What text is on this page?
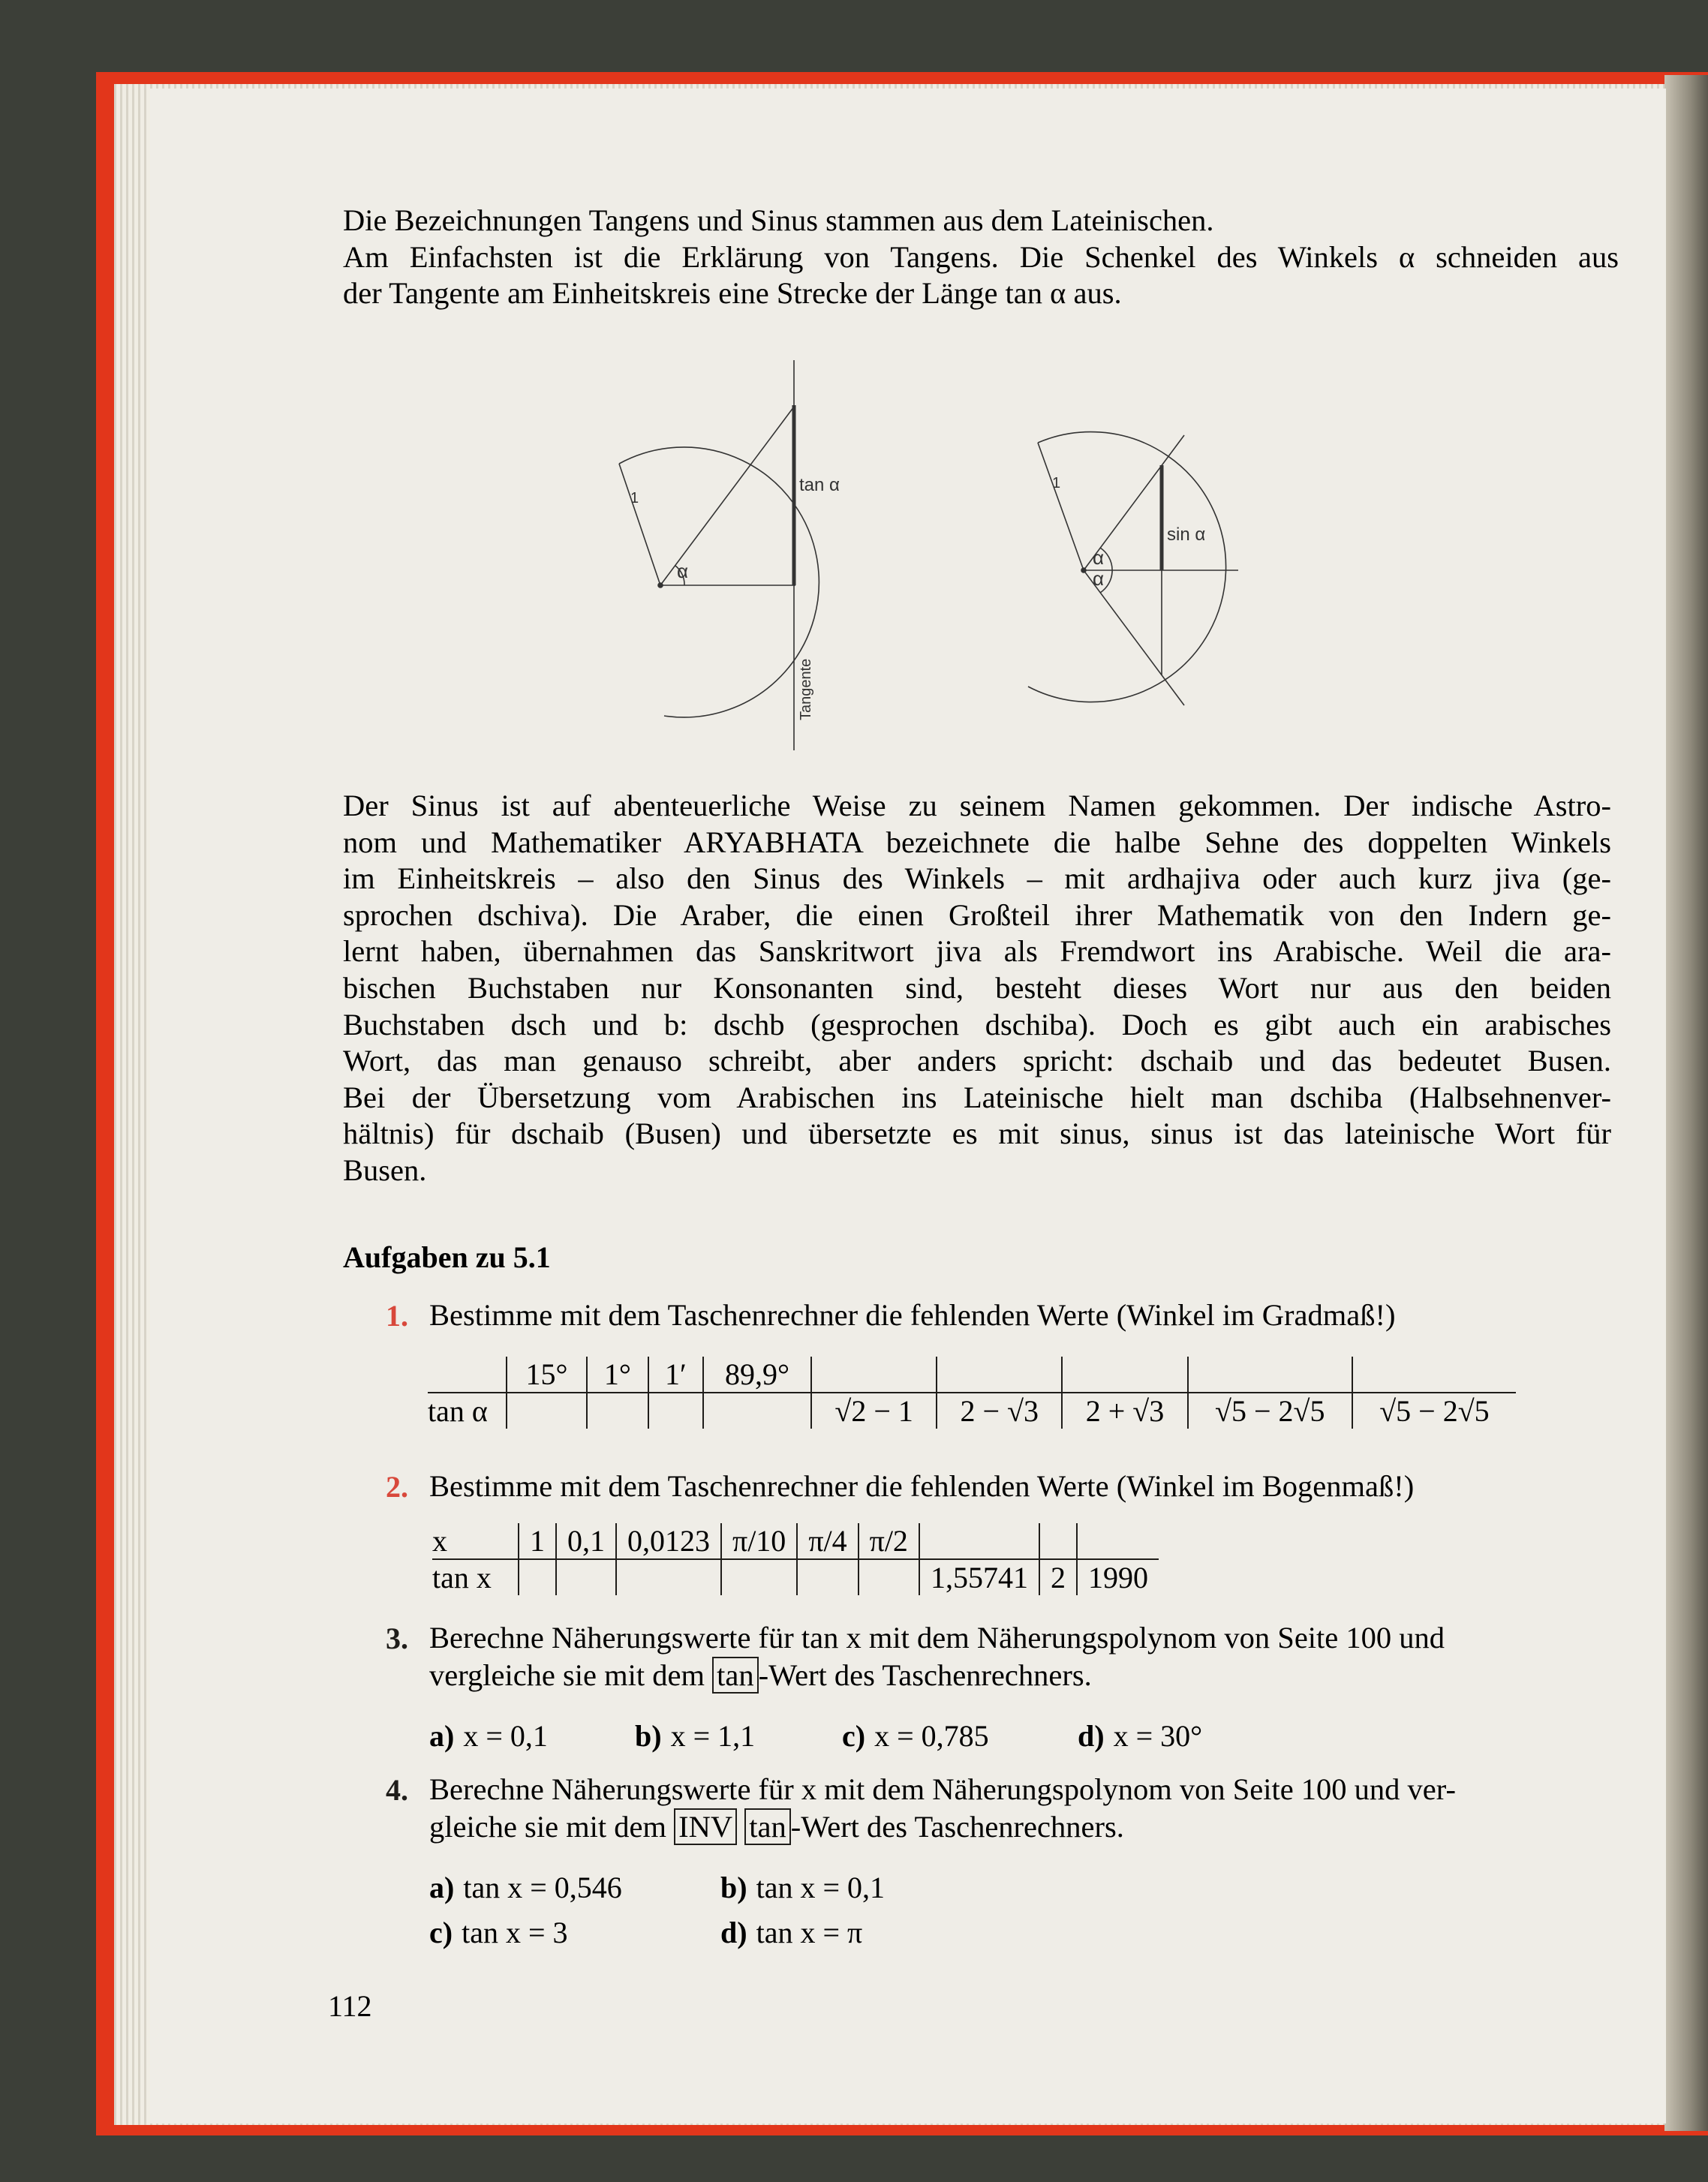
Die Bezeichnungen Tangens und Sinus stammen aus dem Lateinischen.
Am Einfachsten ist die Erklärung von Tangens. Die Schenkel des Winkels α schneiden aus
der Tangente am Einheitskreis eine Strecke der Länge tan α aus.

1
α
tan α
Tangente
1
α
α
sin α

Der Sinus ist auf abenteuerliche Weise zu seinem Namen gekommen. Der indische Astro-
nom und Mathematiker ARYABHATA bezeichnete die halbe Sehne des doppelten Winkels
im Einheitskreis – also den Sinus des Winkels – mit ardhajiva oder auch kurz jiva (ge-
sprochen dschiva). Die Araber, die einen Großteil ihrer Mathematik von den Indern ge-
lernt haben, übernahmen das Sanskritwort jiva als Fremdwort ins Arabische. Weil die ara-
bischen Buchstaben nur Konsonanten sind, besteht dieses Wort nur aus den beiden
Buchstaben dsch und b: dschb (gesprochen dschiba). Doch es gibt auch ein arabisches
Wort, das man genauso schreibt, aber anders spricht: dschaib und das bedeutet Busen.
Bei der Übersetzung vom Arabischen ins Lateinische hielt man dschiba (Halbsehnenver-
hältnis) für dschaib (Busen) und übersetzte es mit sinus, sinus ist das lateinische Wort für
Busen.

Aufgaben zu 5.1
1. Bestimme mit dem Taschenrechner die fehlenden Werte (Winkel im Gradmaß!)

	15°	1°	1′	89,9°					
tan α					√2 − 1	2 − √3	2 + √3	√5 − 2√5	√5 − 2√5
2. Bestimme mit dem Taschenrechner die fehlenden Werte (Winkel im Bogenmaß!)

x	1	0,1	0,0123	π/10	π/4	π/2			
tan x							1,55741	2	1990
3. Berechne Näherungswerte für tan x mit dem Näherungspolynom von Seite 100 und
vergleiche sie mit dem tan -Wert des Taschenrechners.

a) x = 0,1	b) x = 1,1	c) x = 0,785	d) x = 30°
4. Berechne Näherungswerte für x mit dem Näherungspolynom von Seite 100 und ver-
gleiche sie mit dem INV tan -Wert des Taschenrechners.

a) tan x = 0,546	b) tan x = 0,1
c) tan x = 3	d) tan x = π

112
